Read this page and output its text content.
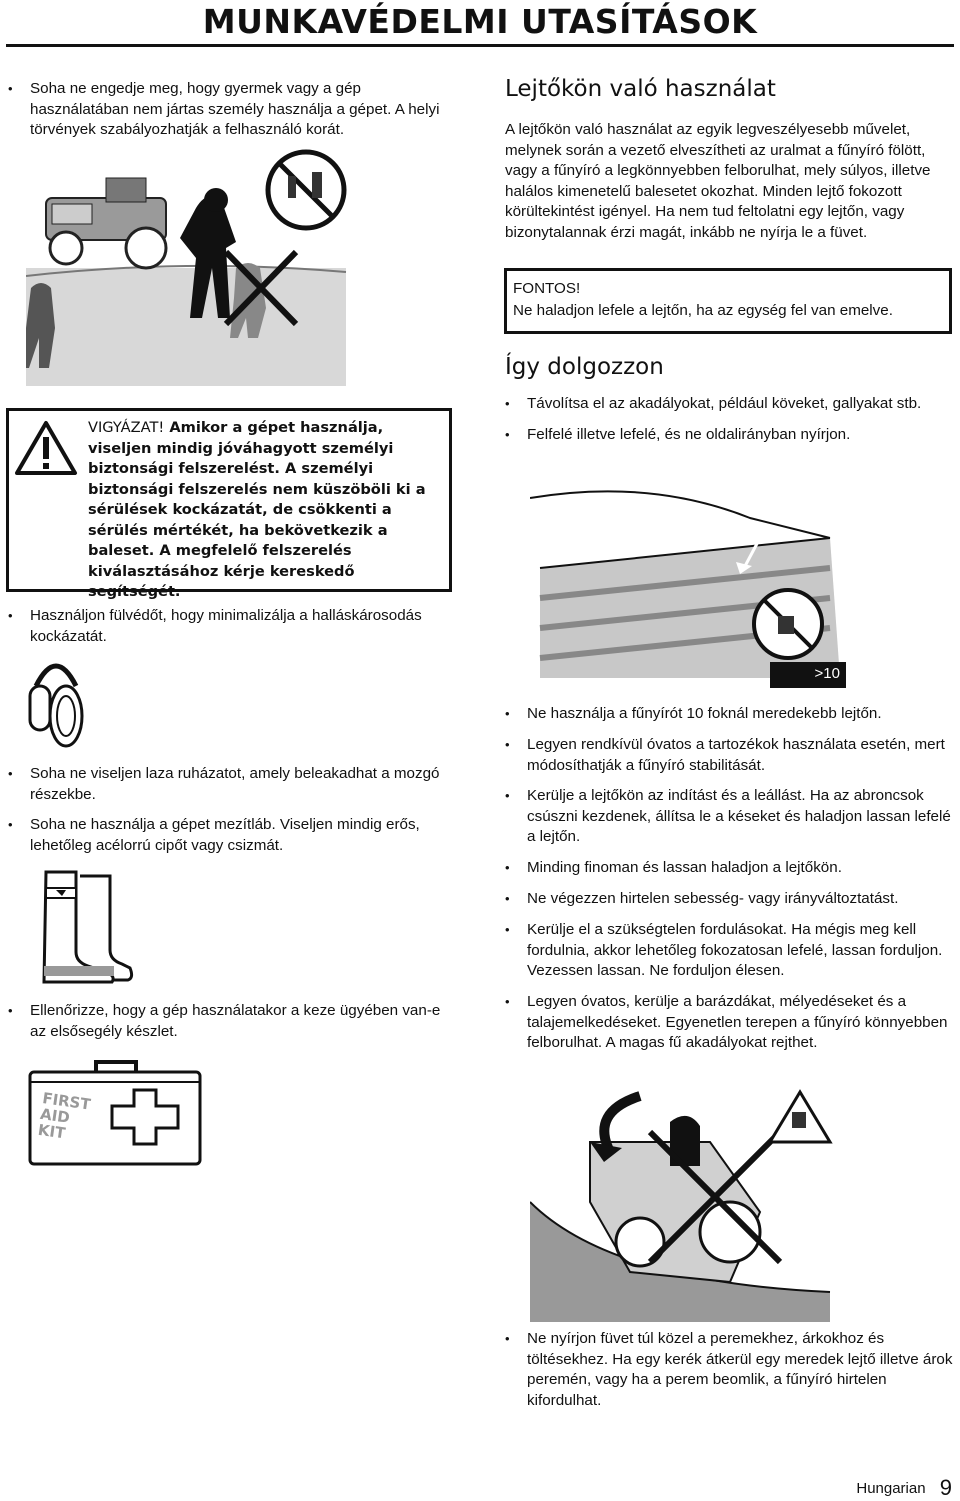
MUNKAVÉDELMI UTASÍTÁSOK
• Soha ne engedje meg, hogy gyermek vagy a gép használatában nem jártas személy használja a gépet. A helyi törvények szabályozhatják a felhasználó korát.
VIGYÁZAT! Amikor a gépet használja, viseljen mindig jóváhagyott személyi biztonsági felszerelést. A személyi biztonsági felszerelés nem küszöböli ki a sérülések kockázatát, de csökkenti a sérülés mértékét, ha bekövetkezik a baleset. A megfelelő felszerelés kiválasztásához kérje kereskedő segítségét.
• Használjon fülvédőt, hogy minimalizálja a halláskárosodás kockázatát.
• Soha ne viseljen laza ruházatot, amely beleakadhat a mozgó részekbe.
• Soha ne használja a gépet mezítláb. Viseljen mindig erős, lehetőleg acélorrú cipőt vagy csizmát.
• Ellenőrizze, hogy a gép használatakor a keze ügyében van-e az elsősegély készlet.
FIRST AID KIT
Lejtőkön való használat
A lejtőkön való használat az egyik legveszélyesebb művelet, melynek során a vezető elveszítheti az uralmat a fűnyíró fölött, vagy a fűnyíró a legkönnyebben felborulhat, mely súlyos, illetve halálos kimenetelű balesetet okozhat. Minden lejtő fokozott körültekintést igényel. Ha nem tud feltolatni egy lejtőn, vagy bizonytalannak érzi magát, inkább ne nyírja le a füvet.
FONTOS!
Ne haladjon lefele a lejtőn, ha az egység fel van emelve.
Így dolgozzon
• Távolítsa el az akadályokat, például köveket, gallyakat stb.
• Felfelé illetve lefelé, és ne oldalirányban nyírjon.
>10
• Ne használja a fűnyírót 10 foknál meredekebb lejtőn.
• Legyen rendkívül óvatos a tartozékok használata esetén, mert módosíthatják a fűnyíró stabilitását.
• Kerülje a lejtőkön az indítást és a leállást. Ha az abroncsok csúszni kezdenek, állítsa le a késeket és haladjon lassan lefelé a lejtőn.
• Minding finoman és lassan haladjon a lejtőkön.
• Ne végezzen hirtelen sebesség- vagy irányváltoztatást.
• Kerülje el a szükségtelen fordulásokat. Ha mégis meg kell fordulnia, akkor lehetőleg fokozatosan lefelé, lassan forduljon. Vezessen lassan. Ne forduljon élesen.
• Legyen óvatos, kerülje a barázdákat, mélyedéseket és a talajemelkedéseket. Egyenetlen terepen a fűnyíró könnyebben felborulhat. A magas fű akadályokat rejthet.
• Ne nyírjon füvet túl közel a peremekhez, árkokhoz és töltésekhez. Ha egy kerék átkerül egy meredek lejtő illetve árok peremén, vagy ha a perem beomlik, a fűnyíró hirtelen kifordulhat.
Hungarian 9
